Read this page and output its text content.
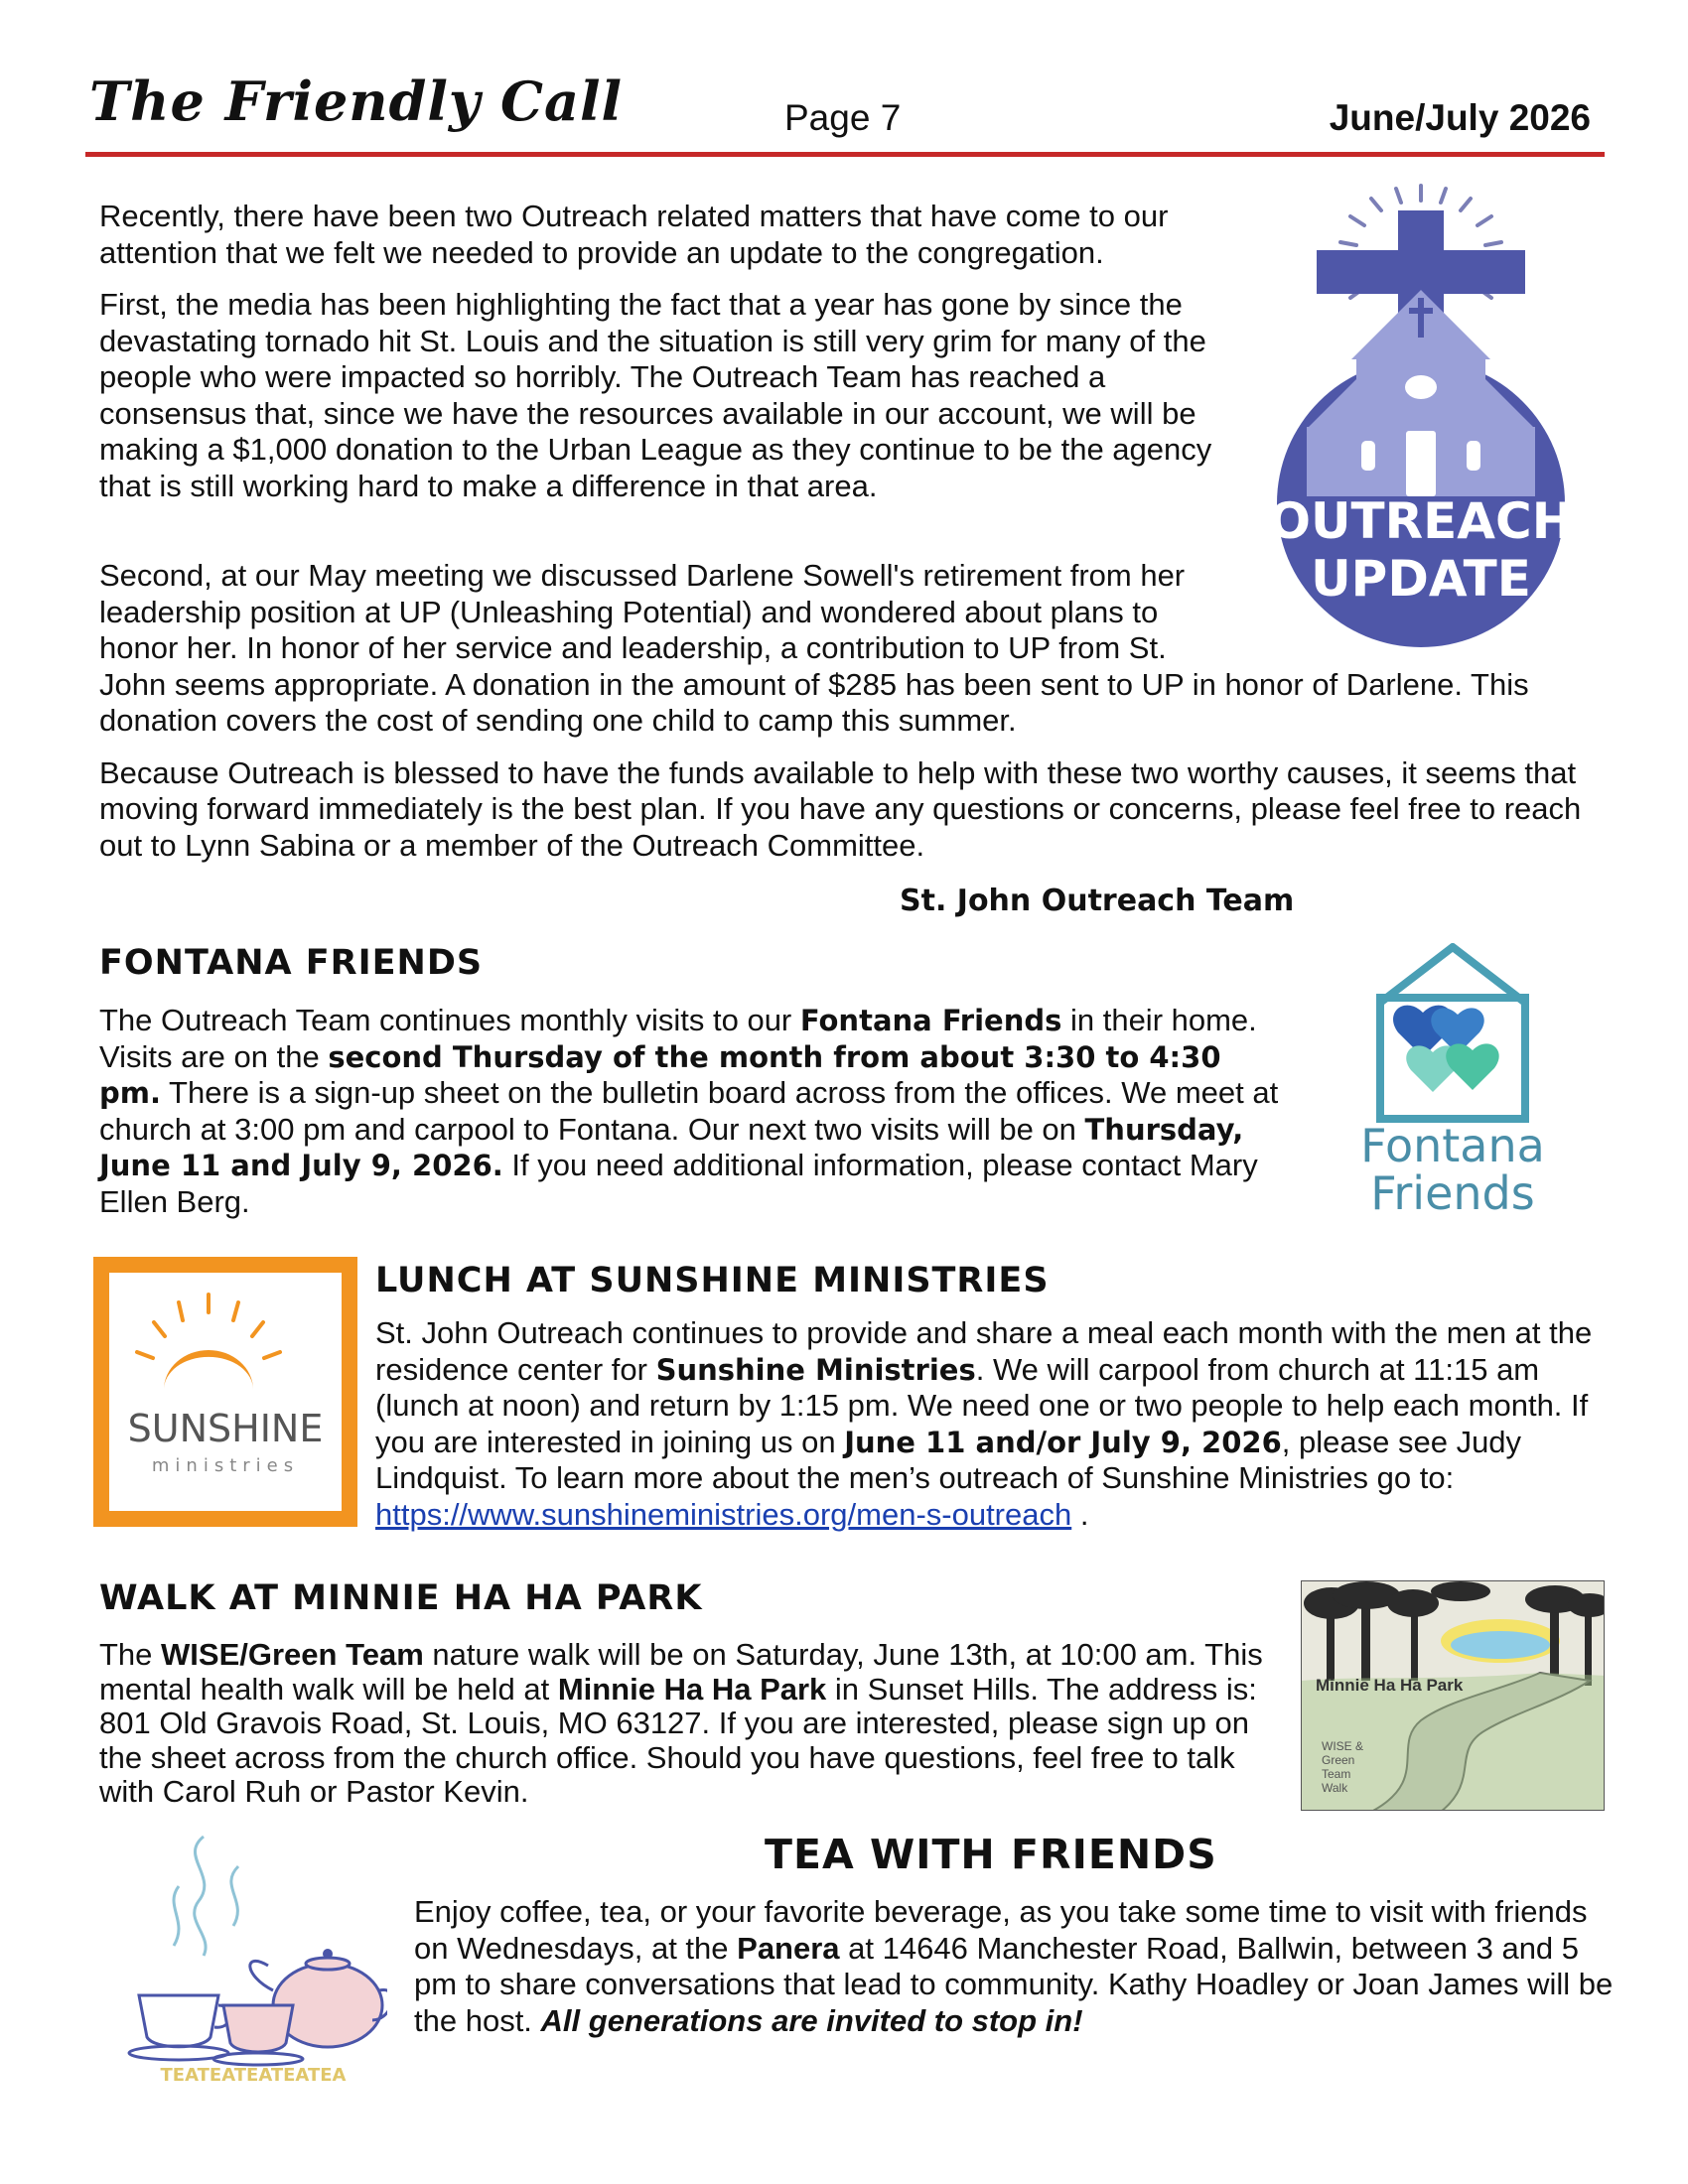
The Friendly Call	Page 7	June/July 2026
OUTREACH
UPDATE

Recently, there have been two Outreach related matters that have come to our attention that we felt we needed to provide an update to the congregation.

First, the media has been highlighting the fact that a year has gone by since the devastating tornado hit St. Louis and the situation is still very grim for many of the people who were impacted so horribly. The Outreach Team has reached a consensus that, since we have the resources available in our account, we will be making a $1,000 donation to the Urban League as they continue to be the agency that is still working hard to make a difference in that area.

Second, at our May meeting we discussed Darlene Sowell's retirement from her leadership position at UP (Unleashing Potential) and wondered about plans to honor her. In honor of her service and leadership, a contribution to UP from St. John seems appropriate. A donation in the amount of $285 has been sent to UP in honor of Darlene. This donation covers the cost of sending one child to camp this summer.

Because Outreach is blessed to have the funds available to help with these two worthy causes, it seems that moving forward immediately is the best plan. If you have any questions or concerns, please feel free to reach out to Lynn Sabina or a member of the Outreach Committee.

St. John Outreach Team
FONTANA FRIENDS
The Outreach Team continues monthly visits to our Fontana Friends in their home. Visits are on the second Thursday of the month from about 3:30 to 4:30 pm. There is a sign-up sheet on the bulletin board across from the offices. We meet at church at 3:00 pm and carpool to Fontana. Our next two visits will be on Thursday, June 11 and July 9, 2026. If you need additional information, please contact Mary Ellen Berg.
Fontana
Friends
SUNSHINE
ministries
LUNCH AT SUNSHINE MINISTRIES
St. John Outreach continues to provide and share a meal each month with the men at the residence center for Sunshine Ministries. We will carpool from church at 11:15 am (lunch at noon) and return by 1:15 pm. We need one or two people to help each month. If you are interested in joining us on June 11 and/or July 9, 2026, please see Judy Lindquist. To learn more about the men’s outreach of Sunshine Ministries go to: https://www.sunshineministries.org/men-s-outreach .
WALK AT MINNIE HA HA PARK
The WISE/Green Team nature walk will be on Saturday, June 13th, at 10:00 am. This mental health walk will be held at Minnie Ha Ha Park in Sunset Hills. The address is: 801 Old Gravois Road, St. Louis, MO 63127. If you are interested, please sign up on the sheet across from the church office. Should you have questions, feel free to talk with Carol Ruh or Pastor Kevin.
Minnie Ha Ha Park
WISE &
Green
Team
Walk
TEATEATEATEATEA
TEA WITH FRIENDS
Enjoy coffee, tea, or your favorite beverage, as you take some time to visit with friends on Wednesdays, at the Panera at 14646 Manchester Road, Ballwin, between 3 and 5 pm to share conversations that lead to community. Kathy Hoadley or Joan James will be the host. All generations are invited to stop in!
